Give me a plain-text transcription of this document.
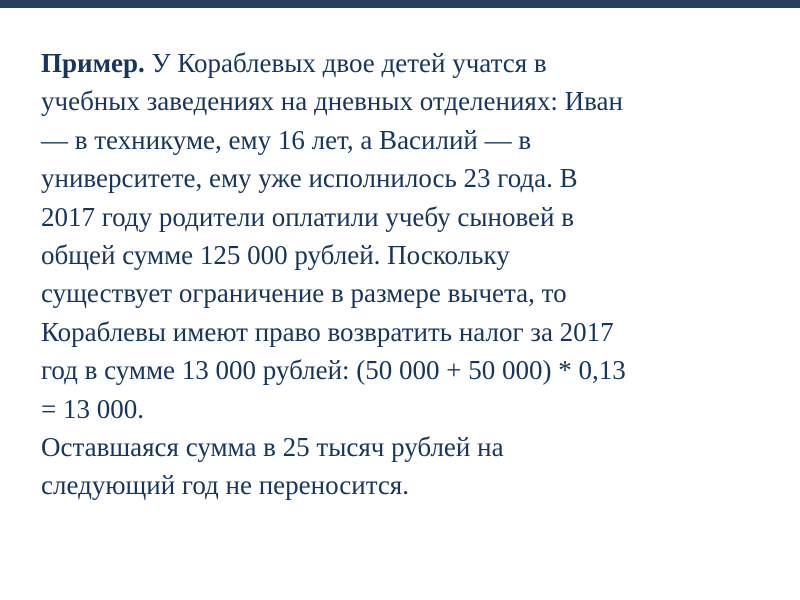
Пример. У Кораблевых двое детей учатся в
учебных заведениях на дневных отделениях: Иван
— в техникуме, ему 16 лет, а Василий — в
университете, ему уже исполнилось 23 года. В
2017 году родители оплатили учебу сыновей в
общей сумме 125 000 рублей. Поскольку
существует ограничение в размере вычета, то
Кораблевы имеют право возвратить налог за 2017
год в сумме 13 000 рублей: (50 000 + 50 000) * 0,13
= 13 000.
Оставшаяся сумма в 25 тысяч рублей на
следующий год не переносится.
